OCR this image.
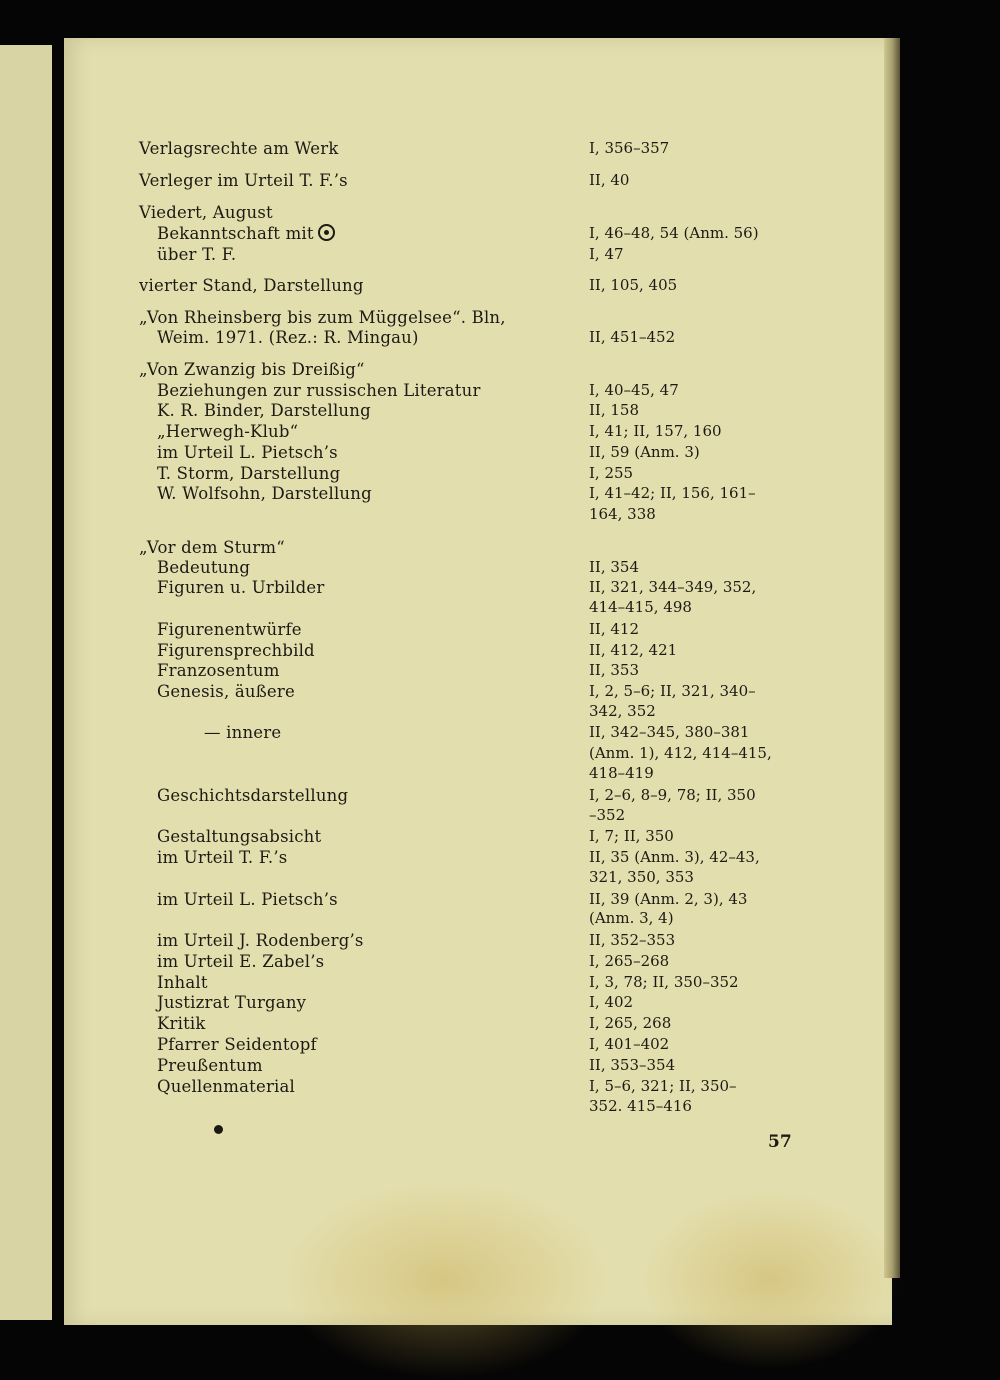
Verlagsrechte am Werk	I, 356–357
Verleger im Urteil T. F.’s	II, 40
Viedert, August
Bekanntschaft mit	I, 46–48, 54 (Anm. 56)
über T. F.	I, 47
vierter Stand, Darstellung	II, 105, 405
„Von Rheinsberg bis zum Müggelsee“. Bln,
Weim. 1971. (Rez.: R. Mingau)	II, 451–452
„Von Zwanzig bis Dreißig“
Beziehungen zur russischen Literatur	I, 40–45, 47
K. R. Binder, Darstellung	II, 158
„Herwegh-Klub“	I, 41; II, 157, 160
im Urteil L. Pietsch’s	II, 59 (Anm. 3)
T. Storm, Darstellung	I, 255
W. Wolfsohn, Darstellung	I, 41–42; II, 156, 161–
164, 338
„Vor dem Sturm“
Bedeutung	II, 354
Figuren u. Urbilder	II, 321, 344–349, 352,
414–415, 498
Figurenentwürfe	II, 412
Figurensprechbild	II, 412, 421
Franzosentum	II, 353
Genesis, äußere	I, 2, 5–6; II, 321, 340–
342, 352
— innere	II, 342–345, 380–381
(Anm. 1), 412, 414–415,
418–419
Geschichtsdarstellung	I, 2–6, 8–9, 78; II, 350
–352
Gestaltungsabsicht	I, 7; II, 350
im Urteil T. F.’s	II, 35 (Anm. 3), 42–43,
321, 350, 353
im Urteil L. Pietsch’s	II, 39 (Anm. 2, 3), 43
(Anm. 3, 4)
im Urteil J. Rodenberg’s	II, 352–353
im Urteil E. Zabel’s	I, 265–268
Inhalt	I, 3, 78; II, 350–352
Justizrat Turgany	I, 402
Kritik	I, 265, 268
Pfarrer Seidentopf	I, 401–402
Preußentum	II, 353–354
Quellenmaterial	I, 5–6, 321; II, 350–
352. 415–416
57
